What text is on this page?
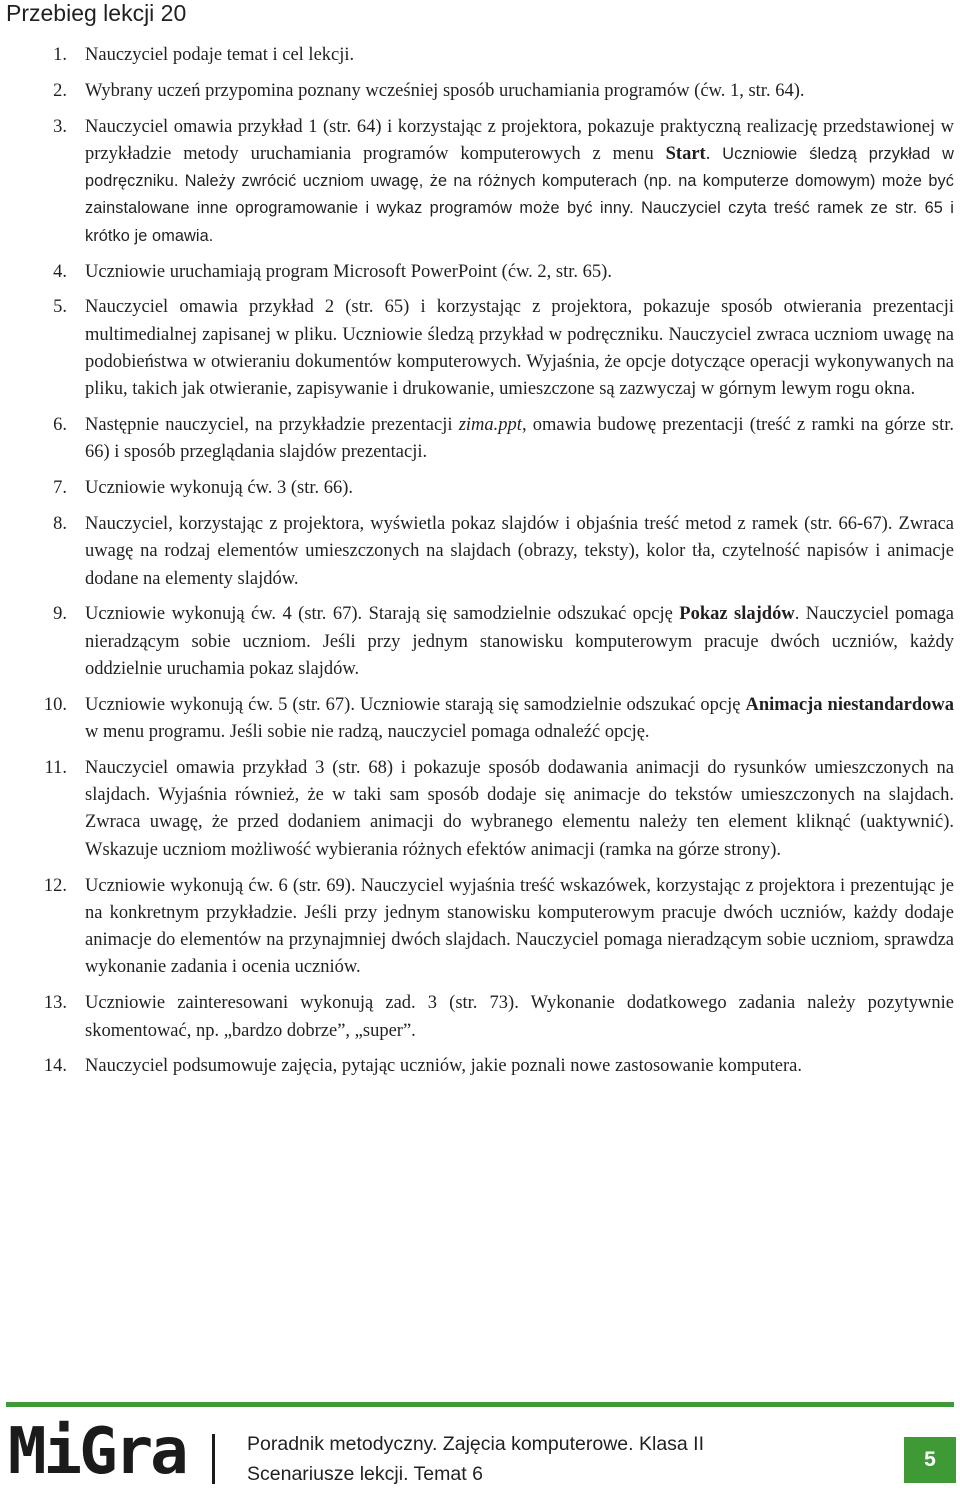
Przebieg lekcji 20
1. Nauczyciel podaje temat i cel lekcji.
2. Wybrany uczeń przypomina poznany wcześniej sposób uruchamiania programów (ćw. 1, str. 64).
3. Nauczyciel omawia przykład 1 (str. 64) i korzystając z projektora, pokazuje praktyczną realizację przedstawionej w przykładzie metody uruchamiania programów komputerowych z menu Start. Uczniowie śledzą przykład w podręczniku. Należy zwrócić uczniom uwagę, że na różnych komputerach (np. na komputerze domowym) może być zainstalowane inne oprogramowanie i wykaz programów może być inny. Nauczyciel czyta treść ramek ze str. 65 i krótko je omawia.
4. Uczniowie uruchamiają program Microsoft PowerPoint (ćw. 2, str. 65).
5. Nauczyciel omawia przykład 2 (str. 65) i korzystając z projektora, pokazuje sposób otwierania prezentacji multimedialnej zapisanej w pliku. Uczniowie śledzą przykład w podręczniku. Nauczyciel zwraca uczniom uwagę na podobieństwa w otwieraniu dokumentów komputerowych. Wyjaśnia, że opcje dotyczące operacji wykonywanych na pliku, takich jak otwieranie, zapisywanie i drukowanie, umieszczone są zazwyczaj w górnym lewym rogu okna.
6. Następnie nauczyciel, na przykładzie prezentacji zima.ppt, omawia budowę prezentacji (treść z ramki na górze str. 66) i sposób przeglądania slajdów prezentacji.
7. Uczniowie wykonują ćw. 3 (str. 66).
8. Nauczyciel, korzystając z projektora, wyświetla pokaz slajdów i objaśnia treść metod z ramek (str. 66-67). Zwraca uwagę na rodzaj elementów umieszczonych na slajdach (obrazy, teksty), kolor tła, czytelność napisów i animacje dodane na elementy slajdów.
9. Uczniowie wykonują ćw. 4 (str. 67). Starają się samodzielnie odszukać opcję Pokaz slajdów. Nauczyciel pomaga nieradzącym sobie uczniom. Jeśli przy jednym stanowisku komputerowym pracuje dwóch uczniów, każdy oddzielnie uruchamia pokaz slajdów.
10. Uczniowie wykonują ćw. 5 (str. 67). Uczniowie starają się samodzielnie odszukać opcję Animacja niestandardowa w menu programu. Jeśli sobie nie radzą, nauczyciel pomaga odnaleźć opcję.
11. Nauczyciel omawia przykład 3 (str. 68) i pokazuje sposób dodawania animacji do rysunków umieszczonych na slajdach. Wyjaśnia również, że w taki sam sposób dodaje się animacje do tekstów umieszczonych na slajdach. Zwraca uwagę, że przed dodaniem animacji do wybranego elementu należy ten element kliknąć (uaktywnić). Wskazuje uczniom możliwość wybierania różnych efektów animacji (ramka na górze strony).
12. Uczniowie wykonują ćw. 6 (str. 69). Nauczyciel wyjaśnia treść wskazówek, korzystając z projektora i prezentując je na konkretnym przykładzie. Jeśli przy jednym stanowisku komputerowym pracuje dwóch uczniów, każdy dodaje animacje do elementów na przynajmniej dwóch slajdach. Nauczyciel pomaga nieradzącym sobie uczniom, sprawdza wykonanie zadania i ocenia uczniów.
13. Uczniowie zainteresowani wykonują zad. 3 (str. 73). Wykonanie dodatkowego zadania należy pozytywnie skomentować, np. „bardzo dobrze”, „super”.
14. Nauczyciel podsumowuje zajęcia, pytając uczniów, jakie poznali nowe zastosowanie komputera.
MiGra	Poradnik metodyczny. Zajęcia komputerowe. Klasa II
Scenariusze lekcji. Temat 6
5
